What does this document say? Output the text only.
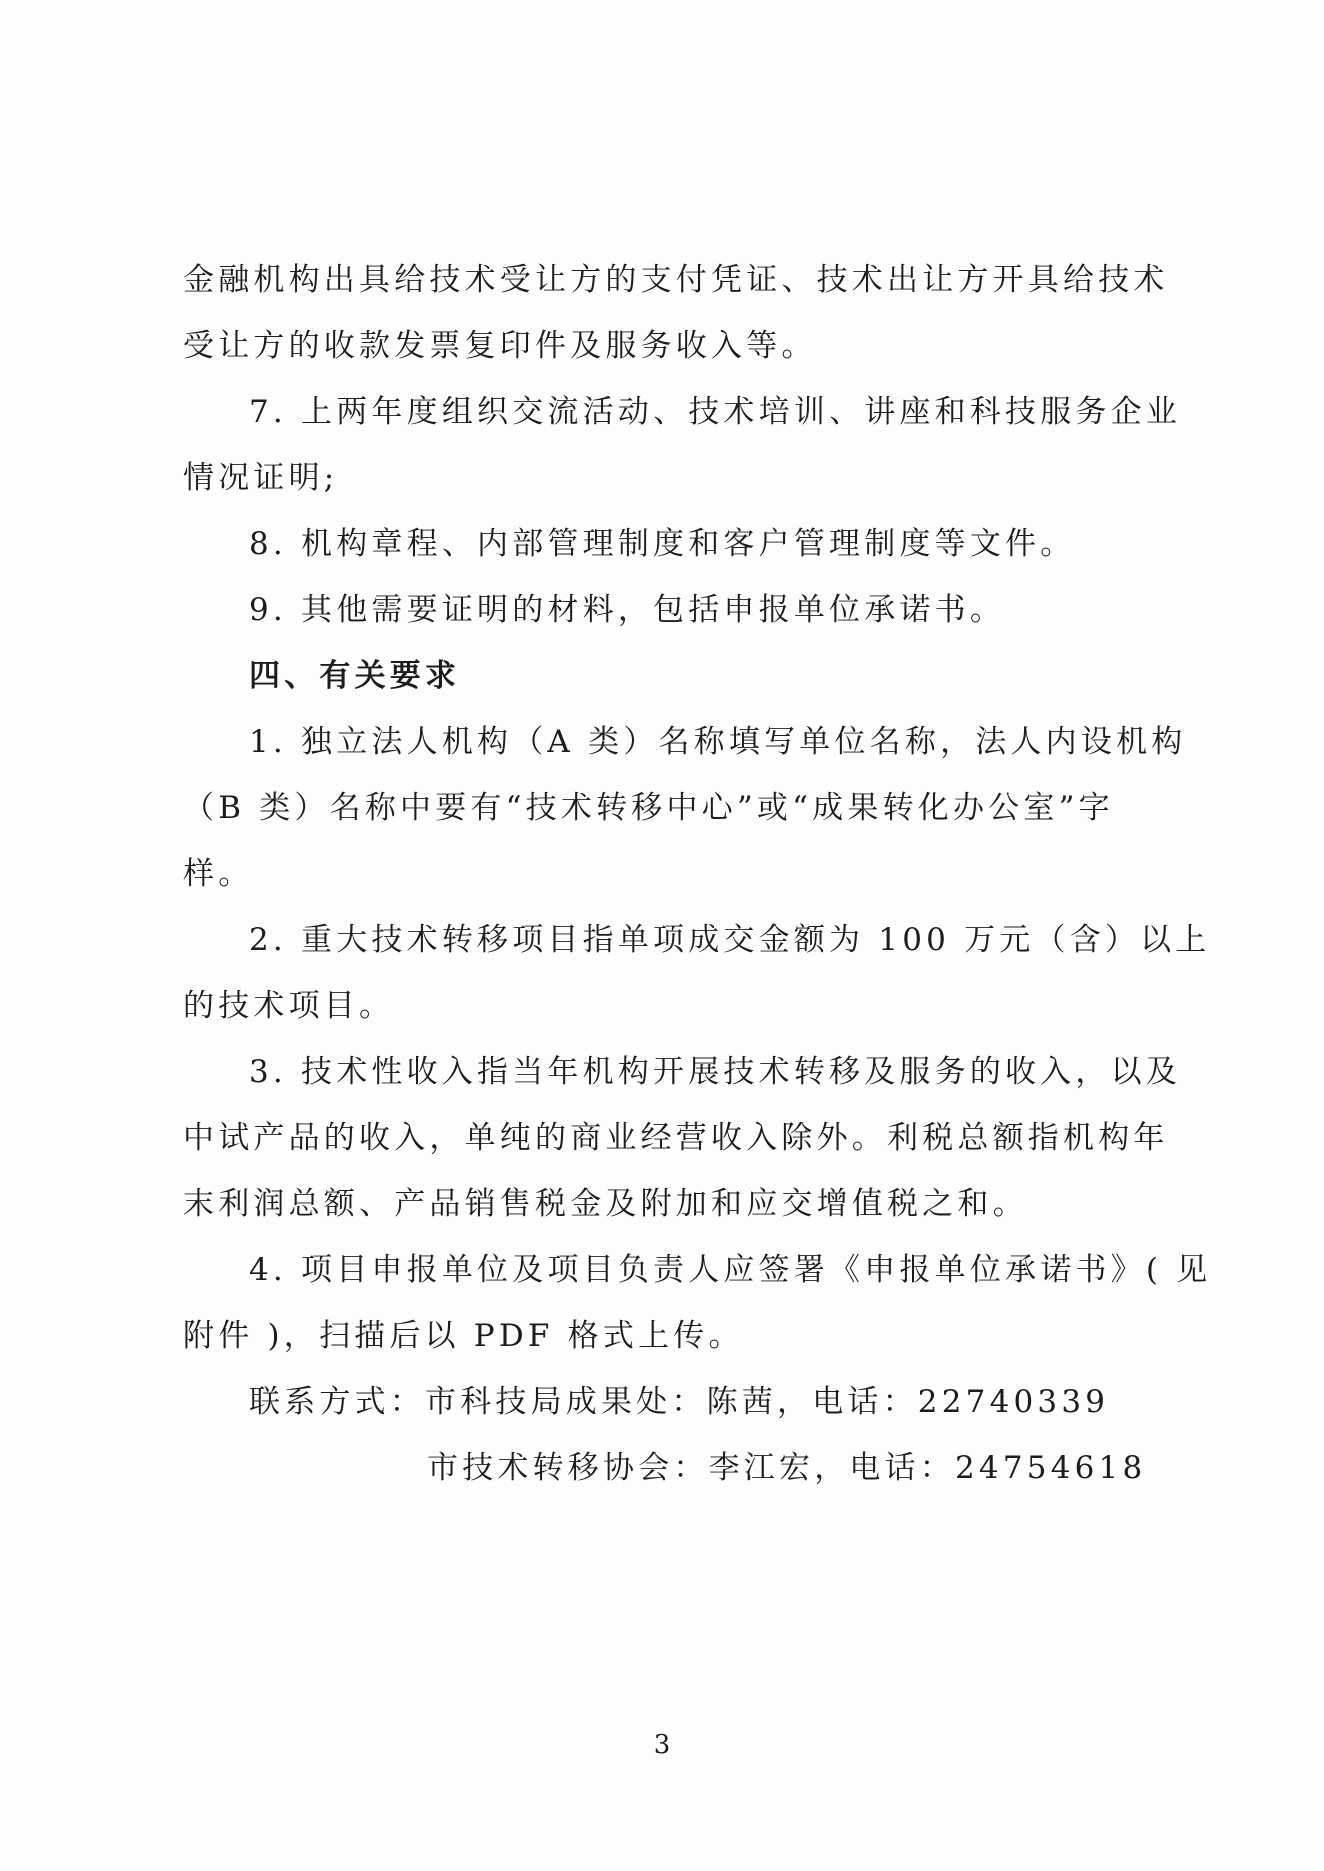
金融机构出具给技术受让方的支付凭证、技术出让方开具给技术
受让方的收款发票复印件及服务收入等。
7. 上两年度组织交流活动、技术培训、讲座和科技服务企业
情况证明;
8. 机构章程、内部管理制度和客户管理制度等文件。
9. 其他需要证明的材料，包括申报单位承诺书。
四、有关要求
1. 独立法人机构（A 类）名称填写单位名称，法人内设机构
（B 类）名称中要有“技术转移中心”或“成果转化办公室”字
样。
2. 重大技术转移项目指单项成交金额为 100 万元（含）以上
的技术项目。
3. 技术性收入指当年机构开展技术转移及服务的收入，以及
中试产品的收入，单纯的商业经营收入除外。利税总额指机构年
末利润总额、产品销售税金及附加和应交增值税之和。
4. 项目申报单位及项目负责人应签署《申报单位承诺书》( 见
附件 )，扫描后以 PDF 格式上传。
联系方式：市科技局成果处：陈茜，电话：22740339
市技术转移协会：李江宏，电话：24754618
3
